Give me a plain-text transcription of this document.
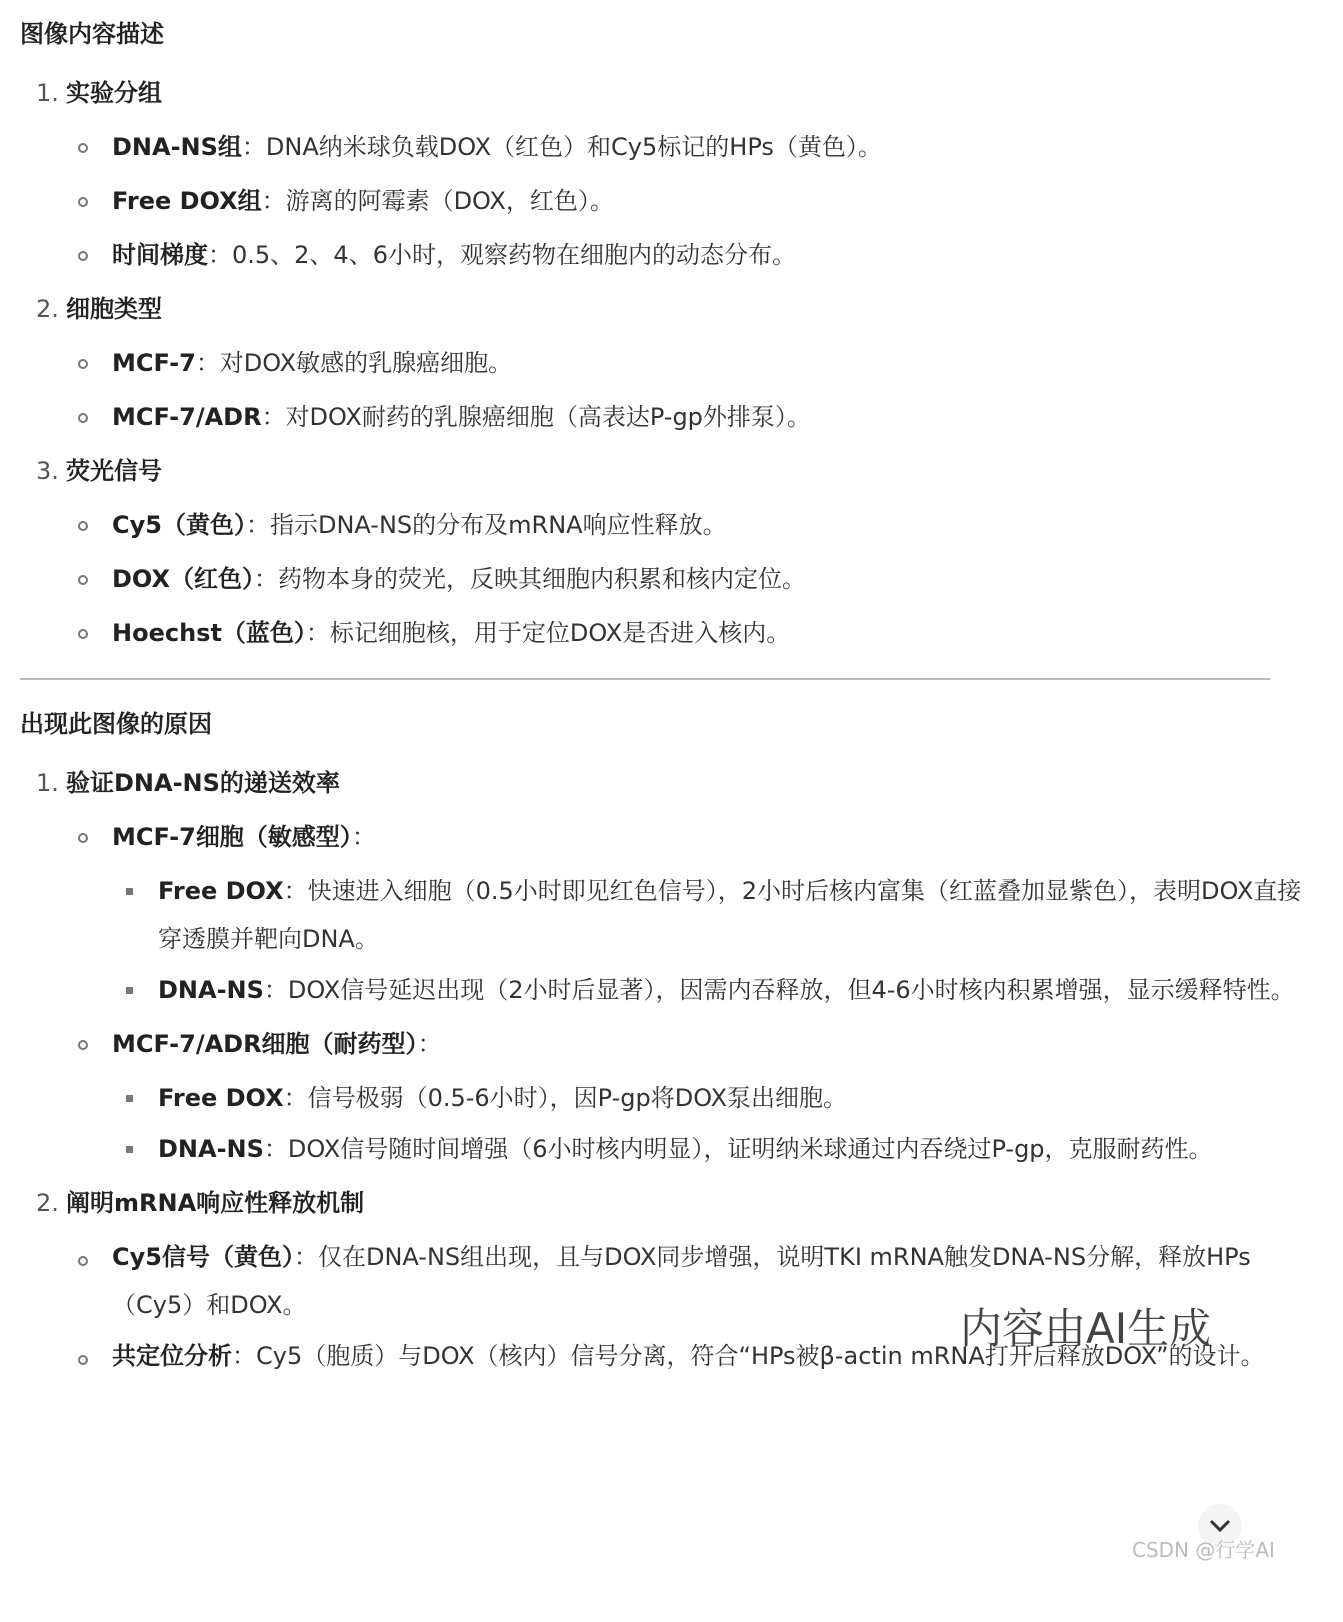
图像内容描述
1. 实验分组
DNA-NS组：DNA纳米球负载DOX（红色）和Cy5标记的HPs（黄色）。
Free DOX组：游离的阿霉素（DOX，红色）。
时间梯度：0.5、2、4、6小时，观察药物在细胞内的动态分布。
2. 细胞类型
MCF-7：对DOX敏感的乳腺癌细胞。
MCF-7/ADR：对DOX耐药的乳腺癌细胞（高表达P-gp外排泵）。
3. 荧光信号
Cy5（黄色）：指示DNA-NS的分布及mRNA响应性释放。
DOX（红色）：药物本身的荧光，反映其细胞内积累和核内定位。
Hoechst（蓝色）：标记细胞核，用于定位DOX是否进入核内。
出现此图像的原因
1. 验证DNA-NS的递送效率
MCF-7细胞（敏感型）：
Free DOX：快速进入细胞（0.5小时即见红色信号），2小时后核内富集（红蓝叠加显紫色），表明DOX直接穿透膜并靶向DNA。
DNA-NS：DOX信号延迟出现（2小时后显著），因需内吞释放，但4-6小时核内积累增强，显示缓释特性。
MCF-7/ADR细胞（耐药型）：
Free DOX：信号极弱（0.5-6小时），因P-gp将DOX泵出细胞。
DNA-NS：DOX信号随时间增强（6小时核内明显），证明纳米球通过内吞绕过P-gp，克服耐药性。
2. 阐明mRNA响应性释放机制
Cy5信号（黄色）：仅在DNA-NS组出现，且与DOX同步增强，说明TKI mRNA触发DNA-NS分解，释放HPs（Cy5）和DOX。
共定位分析：Cy5（胞质）与DOX（核内）信号分离，符合“HPs被β-actin mRNA打开后释放DOX”的设计。
内容由AI生成
CSDN @行学AI
